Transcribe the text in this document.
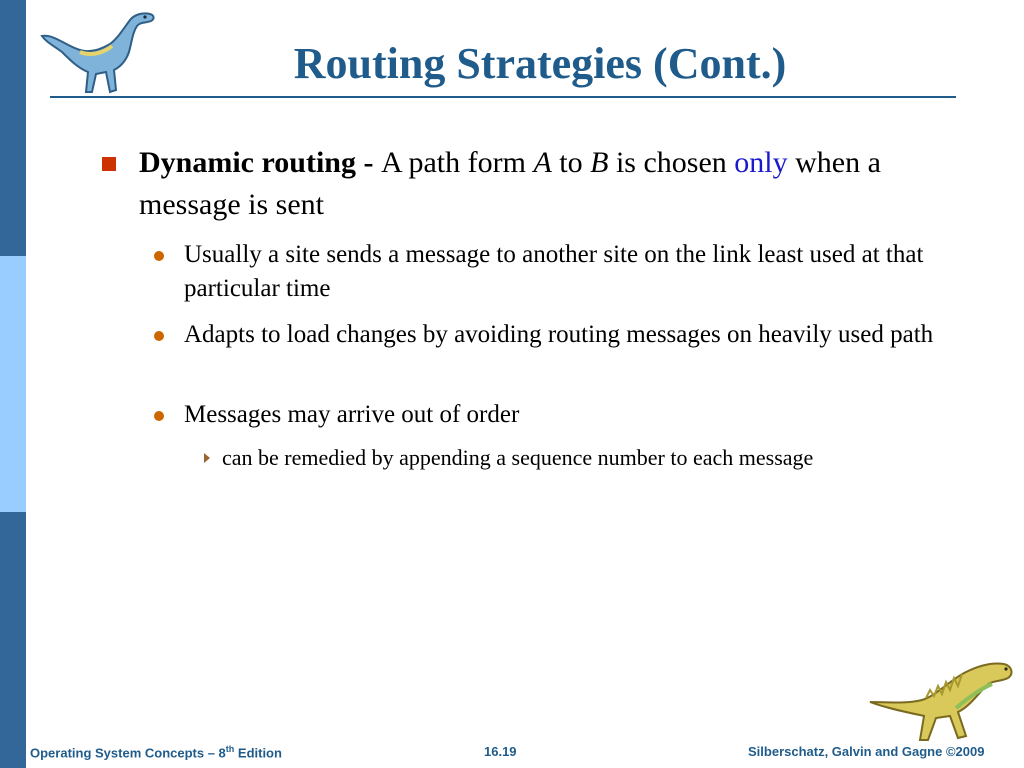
Routing Strategies (Cont.)
Dynamic routing - A path form A to B is chosen only when a message is sent
Usually a site sends a message to another site on the link least used at that particular time
Adapts to load changes by avoiding routing messages on heavily used path
Messages may arrive out of order
can be remedied by appending a sequence number to each message
Operating System Concepts – 8th Edition	16.19	Silberschatz, Galvin and Gagne ©2009
